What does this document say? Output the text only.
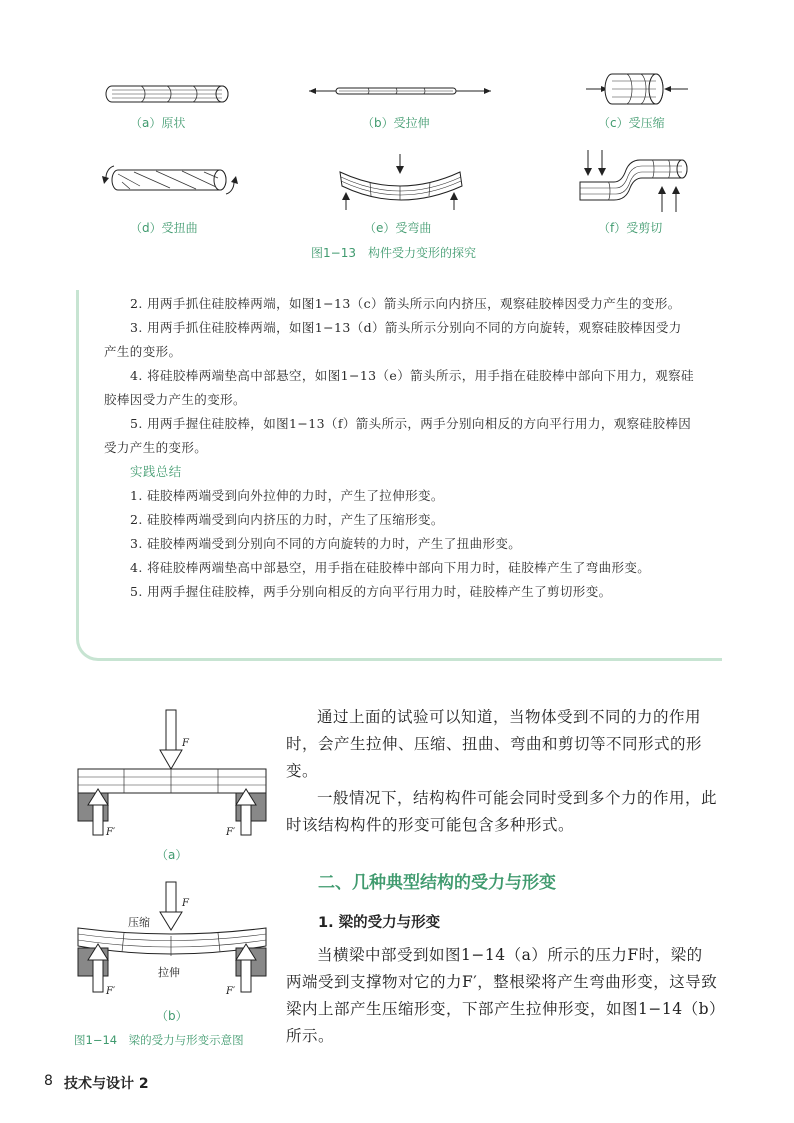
（a）原状	（b）受拉伸	（c）受压缩
（d）受扭曲	（e）受弯曲	（f）受剪切
图1−13　构件受力变形的探究

2. 用两手抓住硅胶棒两端，如图1−13（c）箭头所示向内挤压，观察硅胶棒因受力产生的变形。

3. 用两手抓住硅胶棒两端，如图1−13（d）箭头所示分别向不同的方向旋转，观察硅胶棒因受力产生的变形。

4. 将硅胶棒两端垫高中部悬空，如图1−13（e）箭头所示，用手指在硅胶棒中部向下用力，观察硅胶棒因受力产生的变形。

5. 用两手握住硅胶棒，如图1−13（f）箭头所示，两手分别向相反的方向平行用力，观察硅胶棒因受力产生的变形。

实践总结

1. 硅胶棒两端受到向外拉伸的力时，产生了拉伸形变。

2. 硅胶棒两端受到向内挤压的力时，产生了压缩形变。

3. 硅胶棒两端受到分别向不同的方向旋转的力时，产生了扭曲形变。

4. 将硅胶棒两端垫高中部悬空，用手指在硅胶棒中部向下用力时，硅胶棒产生了弯曲形变。

5. 用两手握住硅胶棒，两手分别向相反的方向平行用力时，硅胶棒产生了剪切形变。

F
F′	F′
（a）
F
压缩
拉伸
F′	F′
（b）
图1−14　梁的受力与形变示意图

通过上面的试验可以知道，当物体受到不同的力的作用时，会产生拉伸、压缩、扭曲、弯曲和剪切等不同形式的形变。

一般情况下，结构构件可能会同时受到多个力的作用，此时该结构构件的形变可能包含多种形式。

二、几种典型结构的受力与形变
1. 梁的受力与形变

当横梁中部受到如图1−14（a）所示的压力F时，梁的两端受到支撑物对它的力F′，整根梁将产生弯曲形变，这导致梁内上部产生压缩形变，下部产生拉伸形变，如图1−14（b）所示。

8 技术与设计 2
